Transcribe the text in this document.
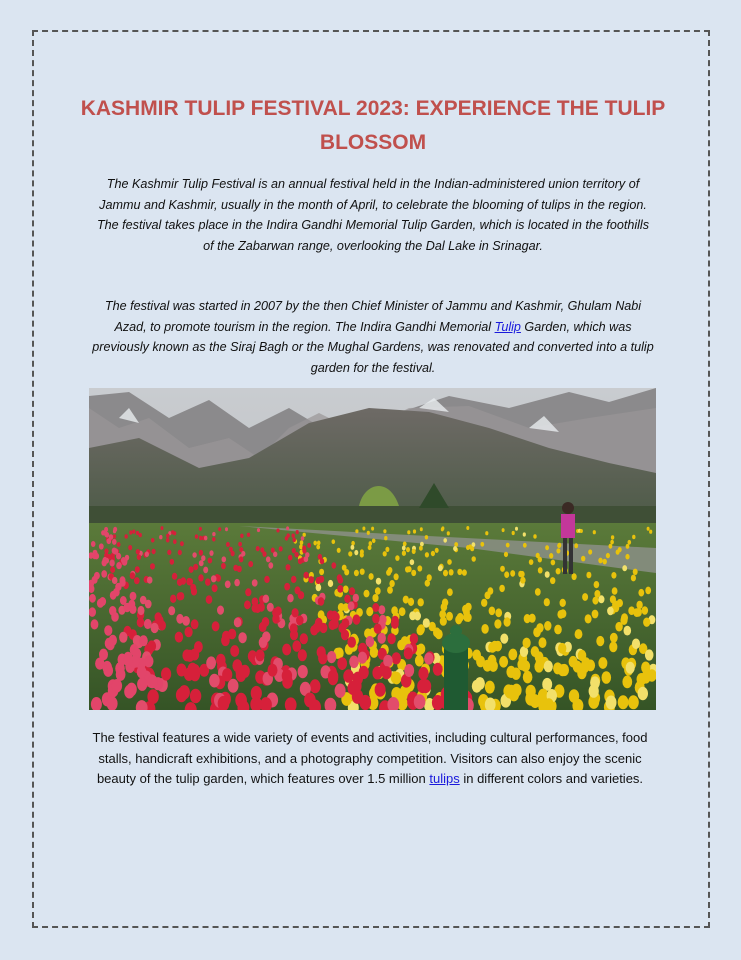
KASHMIR TULIP FESTIVAL 2023: EXPERIENCE THE TULIP BLOSSOM

The Kashmir Tulip Festival is an annual festival held in the Indian-administered union territory of Jammu and Kashmir, usually in the month of April, to celebrate the blooming of tulips in the region. The festival takes place in the Indira Gandhi Memorial Tulip Garden, which is located in the foothills of the Zabarwan range, overlooking the Dal Lake in Srinagar.

The festival was started in 2007 by the then Chief Minister of Jammu and Kashmir, Ghulam Nabi Azad, to promote tourism in the region. The Indira Gandhi Memorial Tulip Garden, which was previously known as the Siraj Bagh or the Mughal Gardens, was renovated and converted into a tulip garden for the festival.

The festival features a wide variety of events and activities, including cultural performances, food stalls, handicraft exhibitions, and a photography competition. Visitors can also enjoy the scenic beauty of the tulip garden, which features over 1.5 million tulips in different colors and varieties.
